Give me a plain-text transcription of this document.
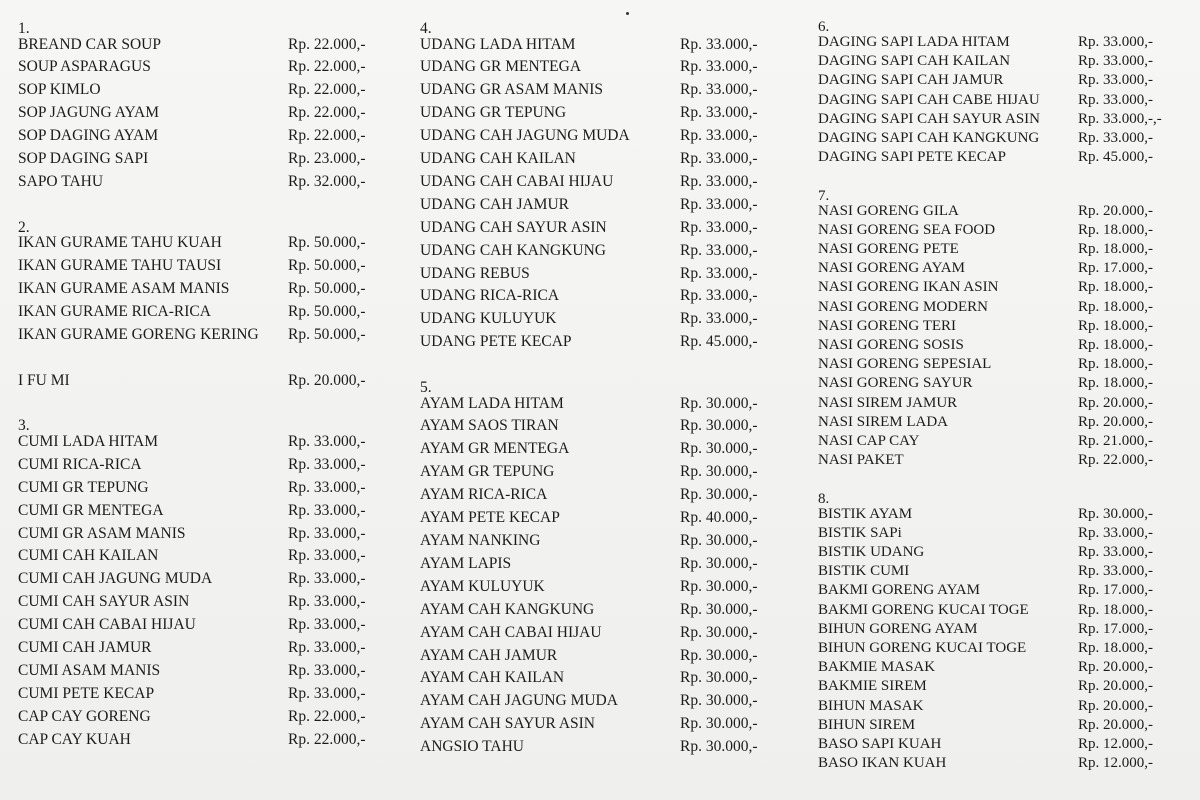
1.
BREAND CAR SOUP	Rp. 22.000,-
SOUP ASPARAGUS	Rp. 22.000,-
SOP KIMLO	Rp. 22.000,-
SOP JAGUNG AYAM	Rp. 22.000,-
SOP DAGING AYAM	Rp. 22.000,-
SOP DAGING SAPI	Rp. 23.000,-
SAPO TAHU	Rp. 32.000,-
2.
IKAN GURAME TAHU KUAH	Rp. 50.000,-
IKAN GURAME TAHU TAUSI	Rp. 50.000,-
IKAN GURAME ASAM MANIS	Rp. 50.000,-
IKAN GURAME RICA-RICA	Rp. 50.000,-
IKAN GURAME GORENG KERING Rp. 50.000,-
I FU MI	Rp. 20.000,-
3.
CUMI LADA HITAM	Rp. 33.000,-
CUMI RICA-RICA	Rp. 33.000,-
CUMI GR TEPUNG	Rp. 33.000,-
CUMI GR MENTEGA	Rp. 33.000,-
CUMI GR ASAM MANIS	Rp. 33.000,-
CUMI CAH KAILAN	Rp. 33.000,-
CUMI CAH JAGUNG MUDA	Rp. 33.000,-
CUMI CAH SAYUR ASIN	Rp. 33.000,-
CUMI CAH CABAI HIJAU	Rp. 33.000,-
CUMI CAH JAMUR	Rp. 33.000,-
CUMI ASAM MANIS	Rp. 33.000,-
CUMI PETE KECAP	Rp. 33.000,-
CAP CAY GORENG	Rp. 22.000,-
CAP CAY KUAH	Rp. 22.000,-
4.
UDANG LADA HITAM	Rp. 33.000,-
UDANG GR MENTEGA	Rp. 33.000,-
UDANG GR ASAM MANIS	Rp. 33.000,-
UDANG GR TEPUNG	Rp. 33.000,-
UDANG CAH JAGUNG MUDA	Rp. 33.000,-
UDANG CAH KAILAN	Rp. 33.000,-
UDANG CAH CABAI HIJAU	Rp. 33.000,-
UDANG CAH JAMUR	Rp. 33.000,-
UDANG CAH SAYUR ASIN	Rp. 33.000,-
UDANG CAH KANGKUNG	Rp. 33.000,-
UDANG REBUS	Rp. 33.000,-
UDANG RICA-RICA	Rp. 33.000,-
UDANG KULUYUK	Rp. 33.000,-
UDANG PETE KECAP	Rp. 45.000,-
5.
AYAM LADA HITAM	Rp. 30.000,-
AYAM SAOS TIRAN	Rp. 30.000,-
AYAM GR MENTEGA	Rp. 30.000,-
AYAM GR TEPUNG	Rp. 30.000,-
AYAM RICA-RICA	Rp. 30.000,-
AYAM PETE KECAP	Rp. 40.000,-
AYAM NANKING	Rp. 30.000,-
AYAM LAPIS	Rp. 30.000,-
AYAM KULUYUK	Rp. 30.000,-
AYAM CAH KANGKUNG	Rp. 30.000,-
AYAM CAH CABAI HIJAU	Rp. 30.000,-
AYAM CAH JAMUR	Rp. 30.000,-
AYAM CAH KAILAN	Rp. 30.000,-
AYAM CAH JAGUNG MUDA	Rp. 30.000,-
AYAM CAH SAYUR ASIN	Rp. 30.000,-
ANGSIO TAHU	Rp. 30.000,-
6.
DAGING SAPI LADA HITAM	Rp. 33.000,-
DAGING SAPI CAH KAILAN	Rp. 33.000,-
DAGING SAPI CAH JAMUR	Rp. 33.000,-
DAGING SAPI CAH CABE HIJAU	Rp. 33.000,-
DAGING SAPI CAH SAYUR ASIN	Rp. 33.000,-,-
DAGING SAPI CAH KANGKUNG	Rp. 33.000,-
DAGING SAPI PETE KECAP	Rp. 45.000,-
7.
NASI GORENG GILA	Rp. 20.000,-
NASI GORENG SEA FOOD	Rp. 18.000,-
NASI GORENG PETE	Rp. 18.000,-
NASI GORENG AYAM	Rp. 17.000,-
NASI GORENG IKAN ASIN	Rp. 18.000,-
NASI GORENG MODERN	Rp. 18.000,-
NASI GORENG TERI	Rp. 18.000,-
NASI GORENG SOSIS	Rp. 18.000,-
NASI GORENG SEPESIAL	Rp. 18.000,-
NASI GORENG SAYUR	Rp. 18.000,-
NASI SIREM JAMUR	Rp. 20.000,-
NASI SIREM LADA	Rp. 20.000,-
NASI CAP CAY	Rp. 21.000,-
NASI PAKET	Rp. 22.000,-
8.
BISTIK AYAM	Rp. 30.000,-
BISTIK SAPi	Rp. 33.000,-
BISTIK UDANG	Rp. 33.000,-
BISTIK CUMI	Rp. 33.000,-
BAKMI GORENG AYAM	Rp. 17.000,-
BAKMI GORENG KUCAI TOGE	Rp. 18.000,-
BIHUN GORENG AYAM	Rp. 17.000,-
BIHUN GORENG KUCAI TOGE	Rp. 18.000,-
BAKMIE MASAK	Rp. 20.000,-
BAKMIE SIREM	Rp. 20.000,-
BIHUN MASAK	Rp. 20.000,-
BIHUN SIREM	Rp. 20.000,-
BASO SAPI KUAH	Rp. 12.000,-
BASO IKAN KUAH	Rp. 12.000,-
